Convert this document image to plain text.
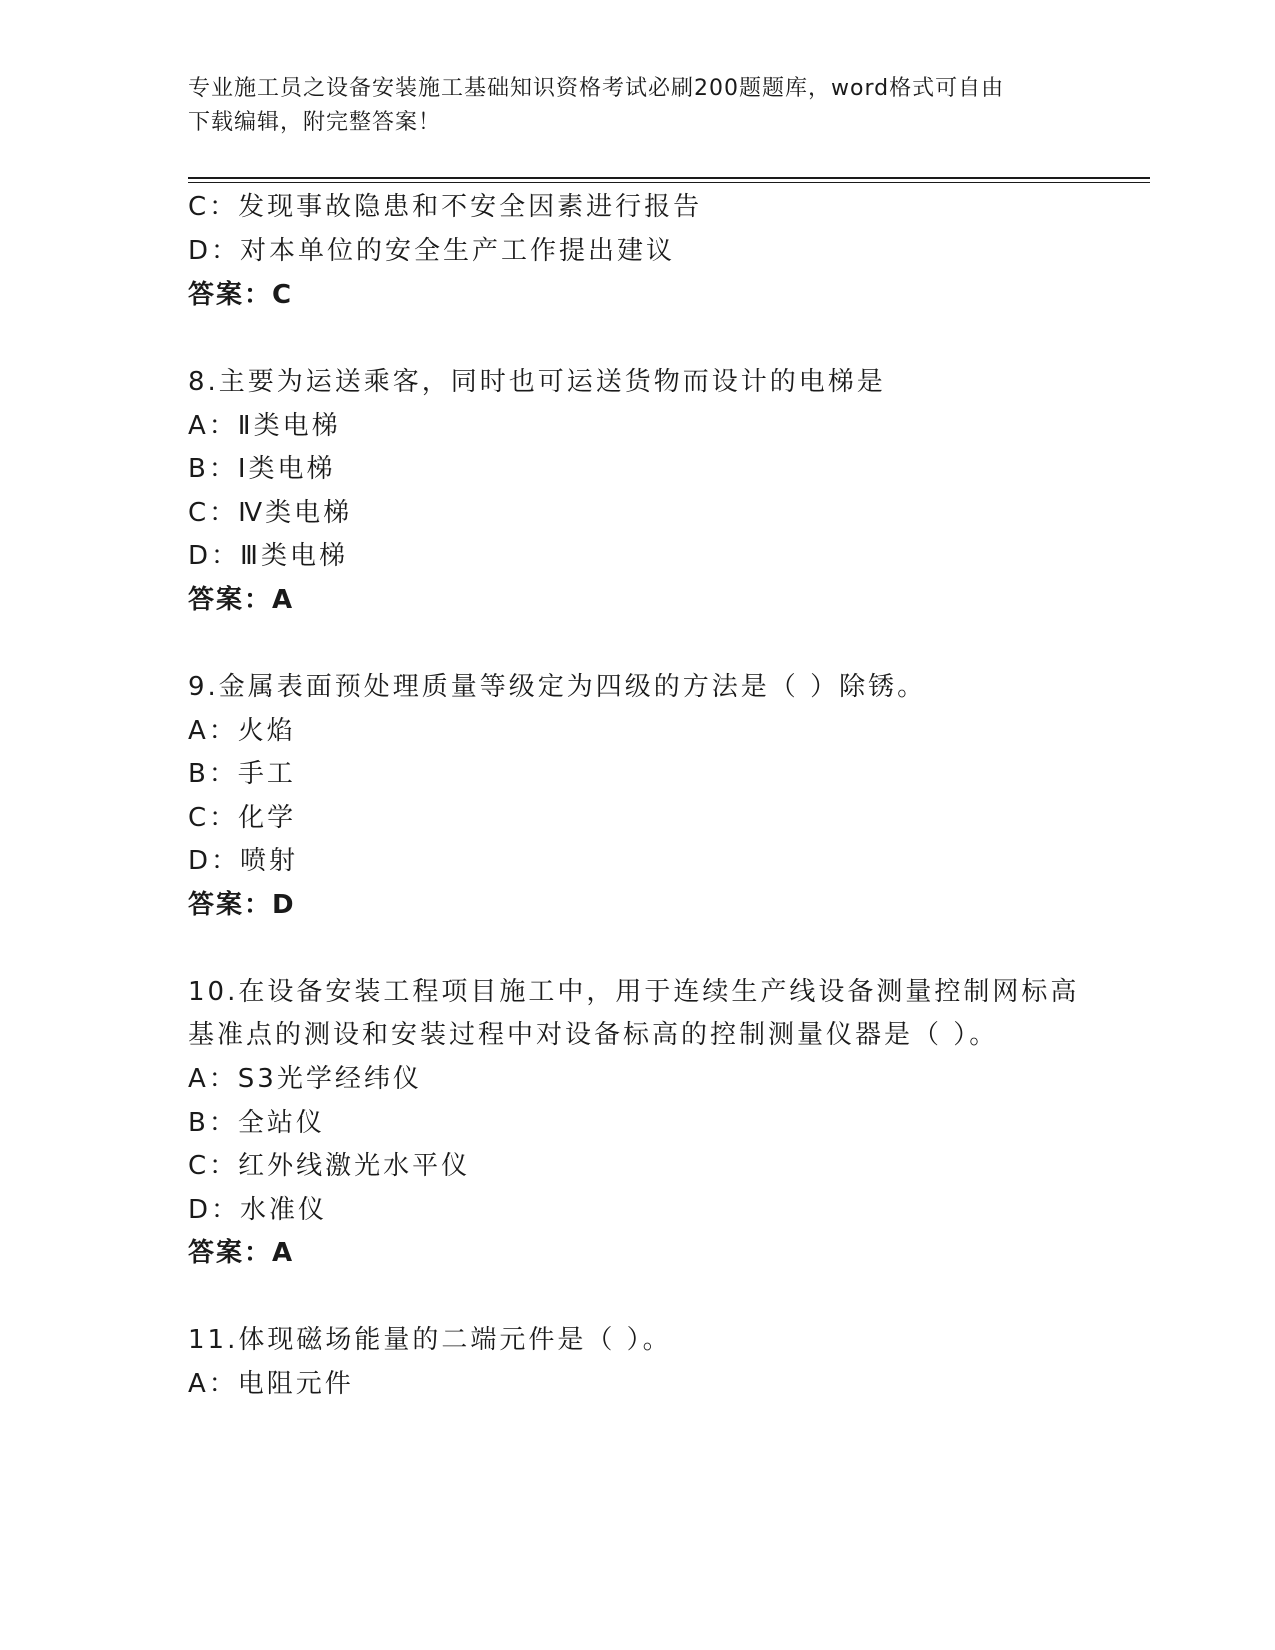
专业施工员之设备安装施工基础知识资格考试必刷200题题库，word格式可自由
下载编辑，附完整答案！
C：发现事故隐患和不安全因素进行报告
D：对本单位的安全生产工作提出建议
答案：C
8.主要为运送乘客，同时也可运送货物而设计的电梯是
A：Ⅱ类电梯
B：Ⅰ类电梯
C：Ⅳ类电梯
D：Ⅲ类电梯
答案：A
9.金属表面预处理质量等级定为四级的方法是（ ）除锈。
A：火焰
B：手工
C：化学
D：喷射
答案：D
10.在设备安装工程项目施工中，用于连续生产线设备测量控制网标高
基准点的测设和安装过程中对设备标高的控制测量仪器是（ ）。
A：S3光学经纬仪
B：全站仪
C：红外线激光水平仪
D：水准仪
答案：A
11.体现磁场能量的二端元件是（ ）。
A：电阻元件
